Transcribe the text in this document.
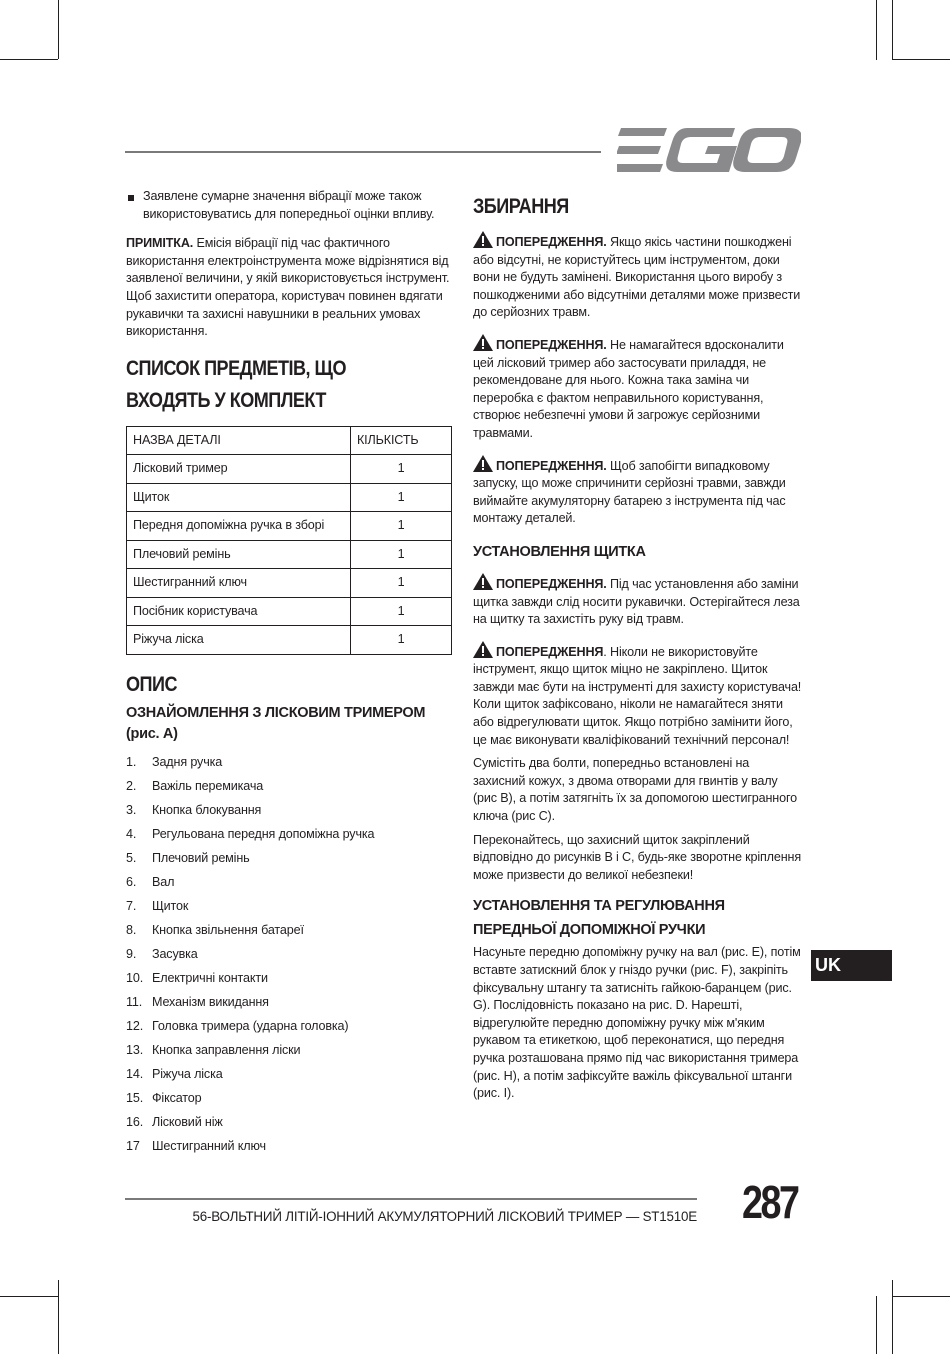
Заявлене сумарне значення вібрації може також використовуватись для попередньої оцінки впливу.

ПРИМІТКА. Емісія вібрації під час фактичного використання електроінструмента може відрізнятися від заявленої величини, у якій використовується інструмент. Щоб захистити оператора, користувач повинен вдягати рукавички та захисні навушники в реальних умовах використання.

СПИСОК ПРЕДМЕТІВ, ЩО ВХОДЯТЬ У КОМПЛЕКТ
НАЗВА ДЕТАЛІ	КІЛЬКІСТЬ
Лісковий тример	1
Щиток	1
Передня допоміжна ручка в зборі	1
Плечовий ремінь	1
Шестигранний ключ	1
Посібник користувача	1
Ріжуча ліска	1
ОПИС
ОЗНАЙОМЛЕННЯ З ЛІСКОВИМ ТРИМЕРОМ (рис. А)
1.	Задня ручка
2.	Важіль перемикача
3.	Кнопка блокування
4.	Регульована передня допоміжна ручка
5.	Плечовий ремінь
6.	Вал
7.	Щиток
8.	Кнопка звільнення батареї
9.	Засувка
10. Електричні контакти
11. Механізм викидання
12. Головка тримера (ударна головка)
13. Кнопка заправлення ліски
14. Ріжуча ліска
15. Фіксатор
16. Лісковий ніж
17 Шестигранний ключ
ЗБИРАННЯ

ПОПЕРЕДЖЕННЯ. Якщо якісь частини пошкоджені або відсутні, не користуйтесь цим інструментом, доки вони не будуть замінені. Використання цього виробу з пошкодженими або відсутніми деталями може призвести до серйозних травм.

ПОПЕРЕДЖЕННЯ. Не намагайтеся вдосконалити цей лісковий тример або застосувати приладдя, не рекомендоване для нього. Кожна така заміна чи переробка є фактом неправильного користування, створює небезпечні умови й загрожує серйозними травмами.

ПОПЕРЕДЖЕННЯ. Щоб запобігти випадковому запуску, що може спричинити серйозні травми, завжди виймайте акумуляторну батарею з інструмента під час монтажу деталей.

УСТАНОВЛЕННЯ ЩИТКА

ПОПЕРЕДЖЕННЯ. Під час установлення або заміни щитка завжди слід носити рукавички. Остерігайтеся леза на щитку та захистіть руку від травм.

ПОПЕРЕДЖЕННЯ. Ніколи не використовуйте інструмент, якщо щиток міцно не закріплено. Щиток завжди має бути на інструменті для захисту користувача! Коли щиток зафіксовано, ніколи не намагайтеся зняти або відрегулювати щиток. Якщо потрібно замінити його, це має виконувати кваліфікований технічний персонал!

Сумістіть два болти, попередньо встановлені на захисний кожух, з двома отворами для гвинтів у валу (рис В), а потім затягніть їх за допомогою шестигранного ключа (рис С).

Переконайтесь, що захисний щиток закріплений відповідно до рисунків В і С, будь-яке зворотне кріплення може призвести до великої небезпеки!

УСТАНОВЛЕННЯ ТА РЕГУЛЮВАННЯ ПЕРЕДНЬОЇ ДОПОМІЖНОЇ РУЧКИ

Насуньте передню допоміжну ручку на вал (рис. Е), потім вставте затискний блок у гніздо ручки (рис. F), закріпіть фіксувальну штангу та затисніть гайкою-баранцем (рис. G). Послідовність показано на рис. D. Нарешті, відрегулюйте передню допоміжну ручку між м'яким рукавом та етикеткою, щоб переконатися, що передня ручка розташована прямо під час використання тримера (рис. Н), а потім зафіксуйте важіль фіксувальної штанги (рис. І).

UK
56-ВОЛЬТНИЙ ЛІТІЙ-ІОННИЙ АКУМУЛЯТОРНИЙ ЛІСКОВИЙ ТРИМЕР — ST1510E 287
